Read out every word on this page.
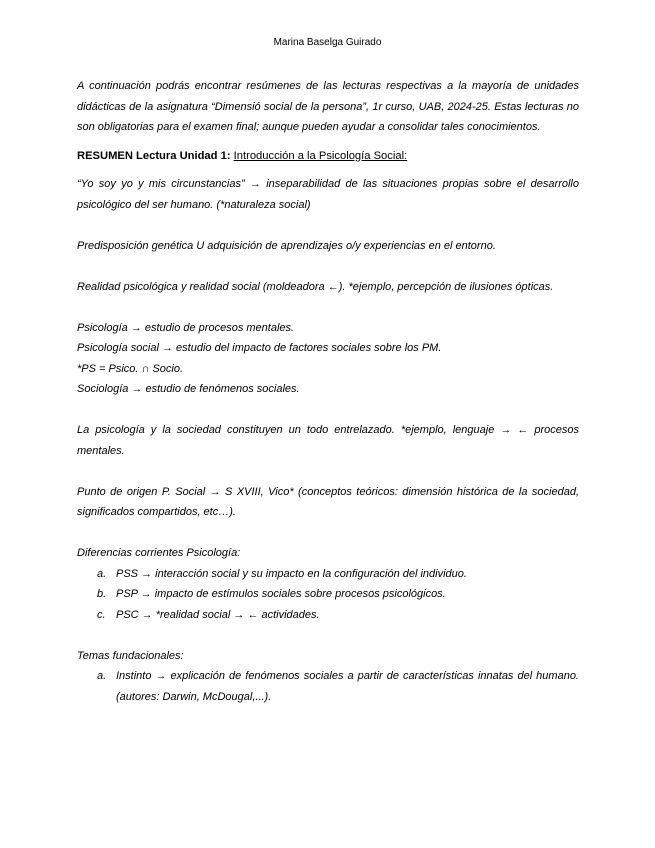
Marina Baselga Guirado

A continuación podrás encontrar resúmenes de las lecturas respectivas a la mayoría de unidades didácticas de la asignatura “Dimensió social de la persona”, 1r curso, UAB, 2024-25. Estas lecturas no son obligatorias para el examen final; aunque pueden ayudar a consolidar tales conocimientos.

RESUMEN Lectura Unidad 1: Introducción a la Psicología Social:

“Yo soy yo y mis circunstancias” → inseparabilidad de las situaciones propias sobre el desarrollo psicológico del ser humano. (*naturaleza social)

Predisposición genética U adquisición de aprendizajes o/y experiencias en el entorno.

Realidad psicológica y realidad social (moldeadora ←). *ejemplo, percepción de ilusiones ópticas.

Psicología → estudio de procesos mentales.

Psicología social → estudio del impacto de factores sociales sobre los PM.

*PS = Psico. ∩ Socio.

Sociología → estudio de fenómenos sociales.

La psicología y la sociedad constituyen un todo entrelazado. *ejemplo, lenguaje → ← procesos mentales.

Punto de origen P. Social → S XVIII, Vico* (conceptos teóricos: dimensión histórica de la sociedad, significados compartidos, etc…).

Diferencias corrientes Psicología:

a. PSS → interacción social y su impacto en la configuración del individuo.
b. PSP → impacto de estímulos sociales sobre procesos psicológicos.
c. PSC → *realidad social → ← actividades.

Temas fundacionales:

a. Instinto → explicación de fenómenos sociales a partir de características innatas del humano. (autores: Darwin, McDougal,...).
